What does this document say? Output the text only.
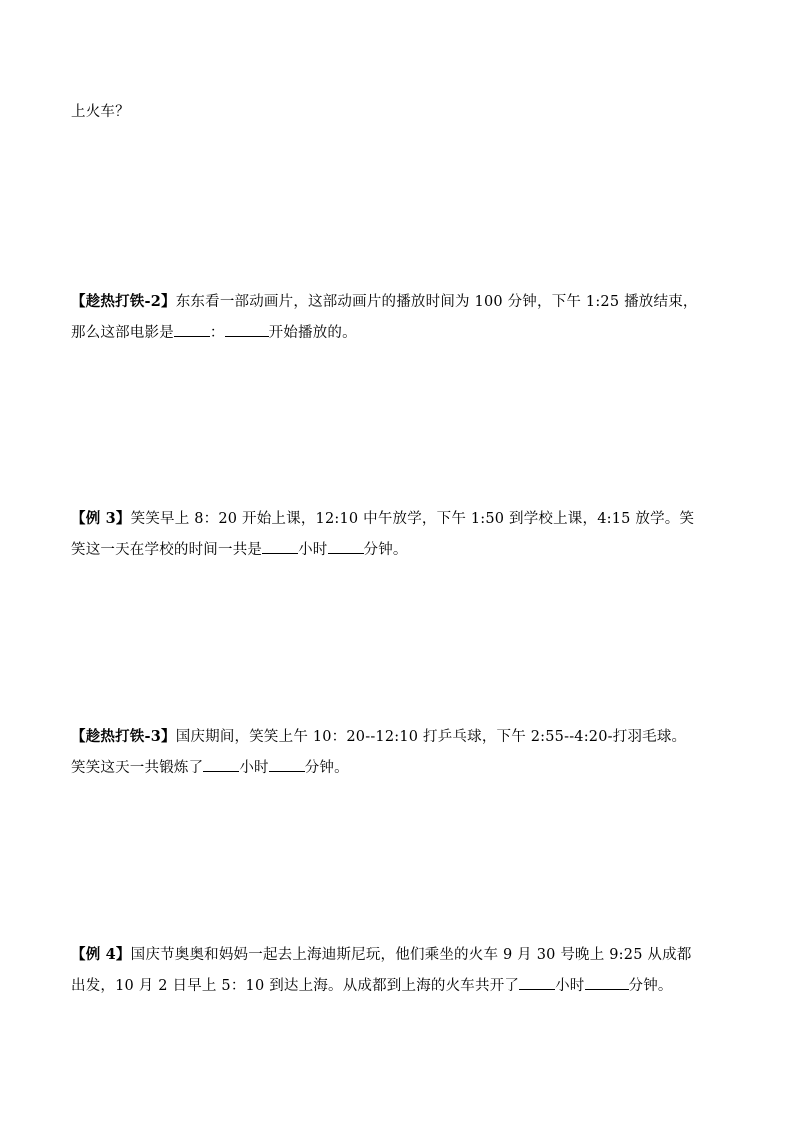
上火车？
【趁热打铁-2】东东看一部动画片，这部动画片的播放时间为 100 分钟，下午 1:25 播放结束，
那么这部电影是 ：	开始播放的。
【例 3】笑笑早上 8：20 开始上课，12:10 中午放学，下午 1:50 到学校上课，4:15 放学。笑
笑这一天在学校的时间一共是 小时 分钟。
【趁热打铁-3】国庆期间，笑笑上午 10：20--12:10 打乒乓球，下午 2:55--4:20-打羽毛球。
笑笑这天一共锻炼了 小时 分钟。
【例 4】国庆节奥奥和妈妈一起去上海迪斯尼玩，他们乘坐的火车 9 月 30 号晚上 9:25 从成都
出发，10 月 2 日早上 5：10 到达上海。从成都到上海的火车共开了 小时	分钟。
